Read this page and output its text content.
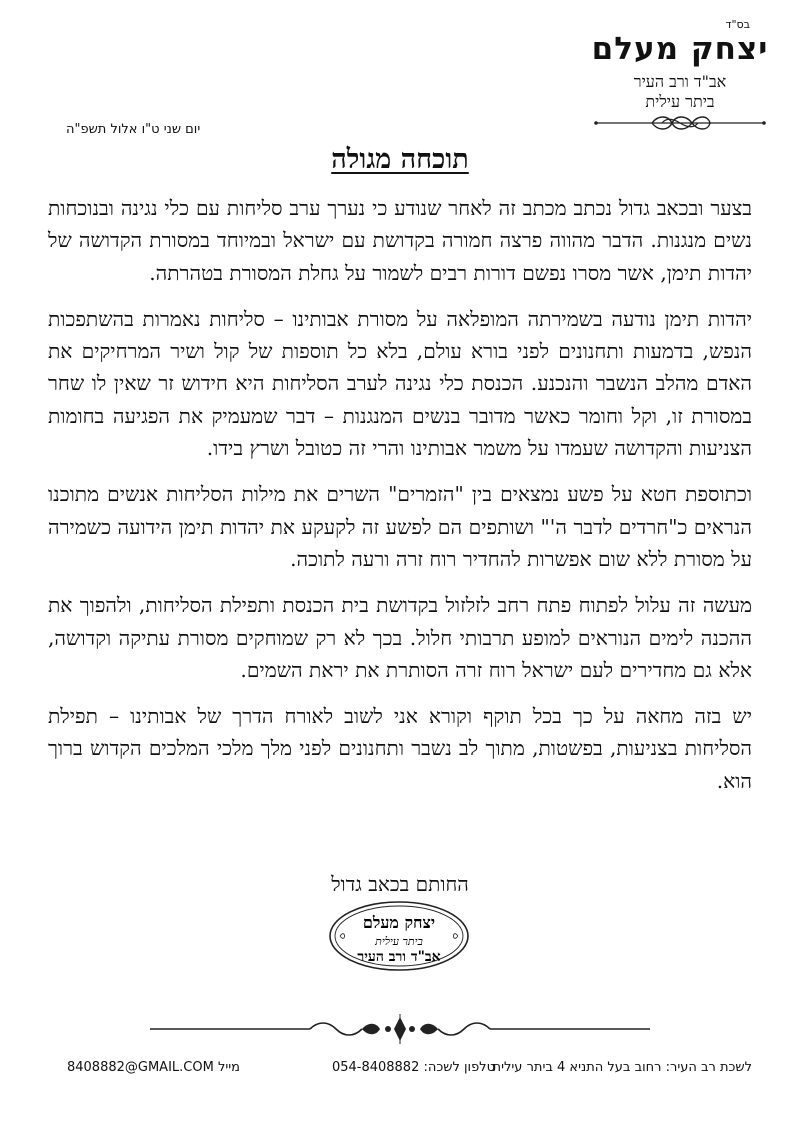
בס"ד
יצחק מעלם
אב"ד ורב העיר
ביתר עילית
יום שני ט"ו אלול תשפ"ה
תוכחה מגולה

בצער ובכאב גדול נכתב מכתב זה לאחר שנודע כי נערך ערב סליחות עם כלי נגינה ובנוכחות נשים מנגנות. הדבר מהווה פרצה חמורה בקדושת עם ישראל ובמיוחד במסורת הקדושה של יהדות תימן, אשר מסרו נפשם דורות רבים לשמור על גחלת המסורת בטהרתה.

יהדות תימן נודעה בשמירתה המופלאה על מסורת אבותינו – סליחות נאמרות בהשתפכות הנפש, בדמעות ותחנונים לפני בורא עולם, בלא כל תוספות של קול ושיר המרחיקים את האדם מהלב הנשבר והנכנע. הכנסת כלי נגינה לערב הסליחות היא חידוש זר שאין לו שחר במסורת זו, וקל וחומר כאשר מדובר בנשים המנגנות – דבר שמעמיק את הפגיעה בחומות הצניעות והקדושה שעמדו על משמר אבותינו והרי זה כטובל ושרץ בידו.

וכתוספת חטא על פשע נמצאים בין "הזמרים" השרים את מילות הסליחות אנשים מתוכנו הנראים כ"חרדים לדבר ה'" ושותפים הם לפשע זה לקעקע את יהדות תימן הידועה כשמירה על מסורת ללא שום אפשרות להחדיר רוח זרה ורעה לתוכה.

מעשה זה עלול לפתוח פתח רחב לזלזול בקדושת בית הכנסת ותפילת הסליחות, ולהפוך את ההכנה לימים הנוראים למופע תרבותי חלול. בכך לא רק שמוחקים מסורת עתיקה וקדושה, אלא גם מחדירים לעם ישראל רוח זרה הסותרת את יראת השמים.

יש בזה מחאה על כך בכל תוקף וקורא אני לשוב לאורח הדרך של אבותינו – תפילת הסליחות בצניעות, בפשטות, מתוך לב נשבר ותחנונים לפני מלך מלכי המלכים הקדוש ברוך הוא.

החותם בכאב גדול
יצחק מעלם
ביתר עילית
אב"ד ורב העיר
לשכת רב העיר: רחוב בעל התניא 4 ביתר עילית
טלפון לשכה: 054-8408882
מייל 8408882@GMAIL.COM
